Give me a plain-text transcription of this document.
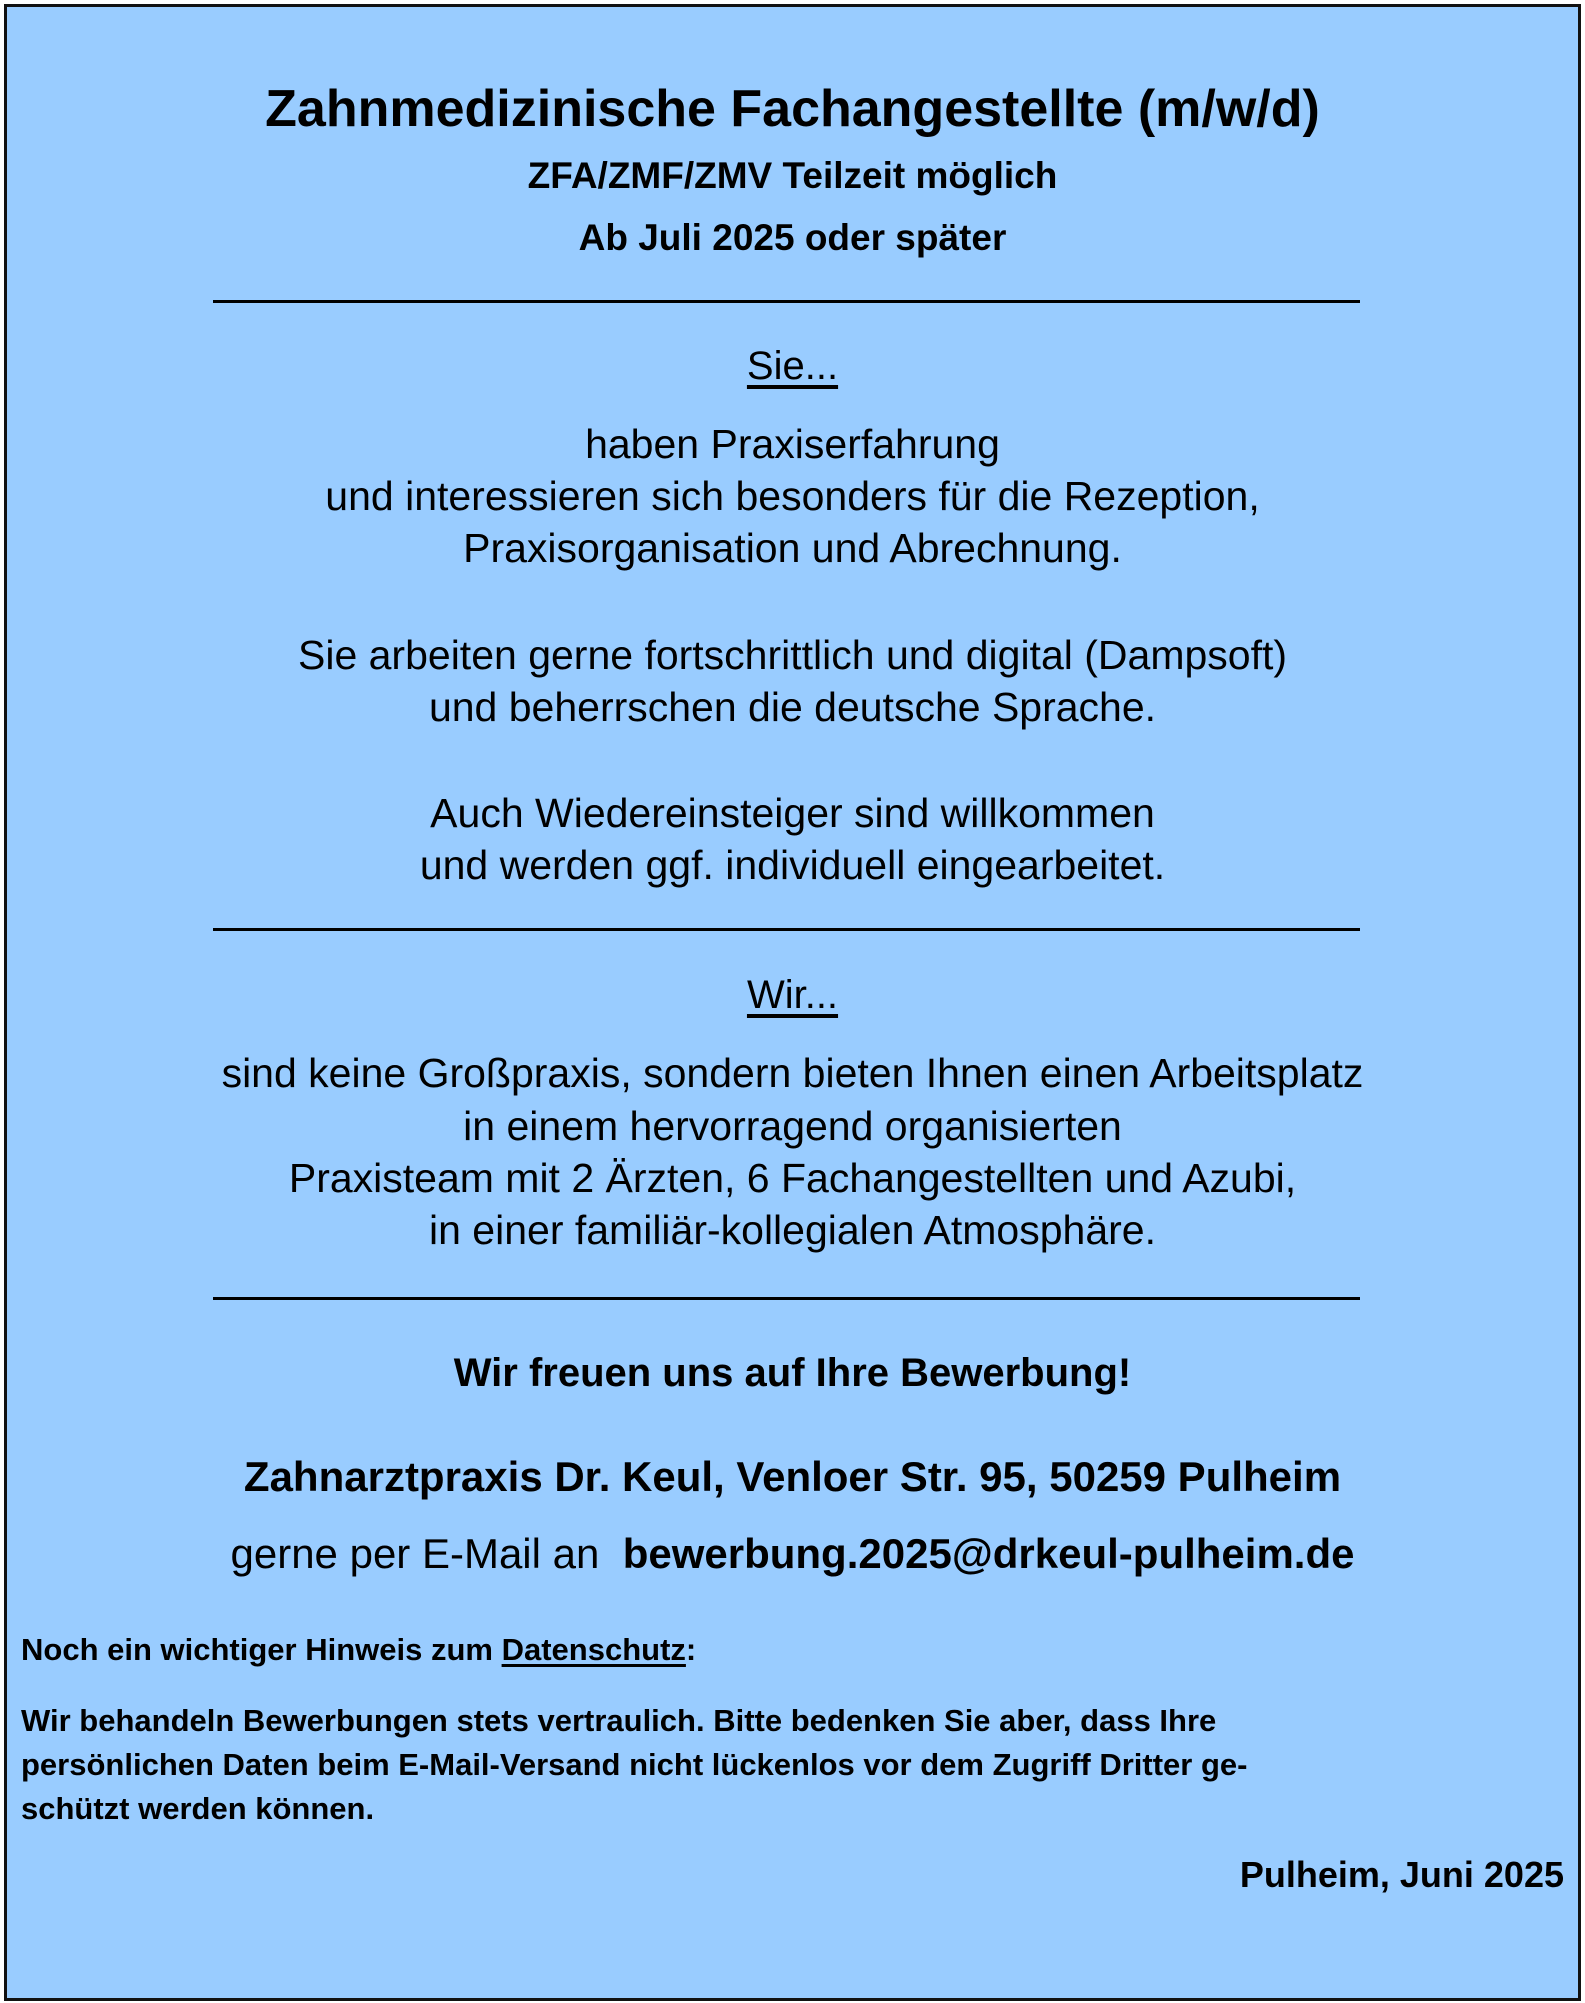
Zahnmedizinische Fachangestellte (m/w/d)
ZFA/ZMF/ZMV Teilzeit möglich
Ab Juli 2025 oder später
Sie...
haben Praxiserfahrung
und interessieren sich besonders für die Rezeption,
Praxisorganisation und Abrechnung.
Sie arbeiten gerne fortschrittlich und digital (Dampsoft)
und beherrschen die deutsche Sprache.
Auch Wiedereinsteiger sind willkommen
und werden ggf. individuell eingearbeitet.
Wir...
sind keine Großpraxis, sondern bieten Ihnen einen Arbeitsplatz
in einem hervorragend organisierten
Praxisteam mit 2 Ärzten, 6 Fachangestellten und Azubi,
in einer familiär-kollegialen Atmosphäre.
Wir freuen uns auf Ihre Bewerbung!
Zahnarztpraxis Dr. Keul, Venloer Str. 95, 50259 Pulheim
gerne per E-Mail an bewerbung.2025@drkeul-pulheim.de
Noch ein wichtiger Hinweis zum Datenschutz:
Wir behandeln Bewerbungen stets vertraulich. Bitte bedenken Sie aber, dass Ihre
persönlichen Daten beim E-Mail-Versand nicht lückenlos vor dem Zugriff Dritter ge-
schützt werden können.
Pulheim, Juni 2025
